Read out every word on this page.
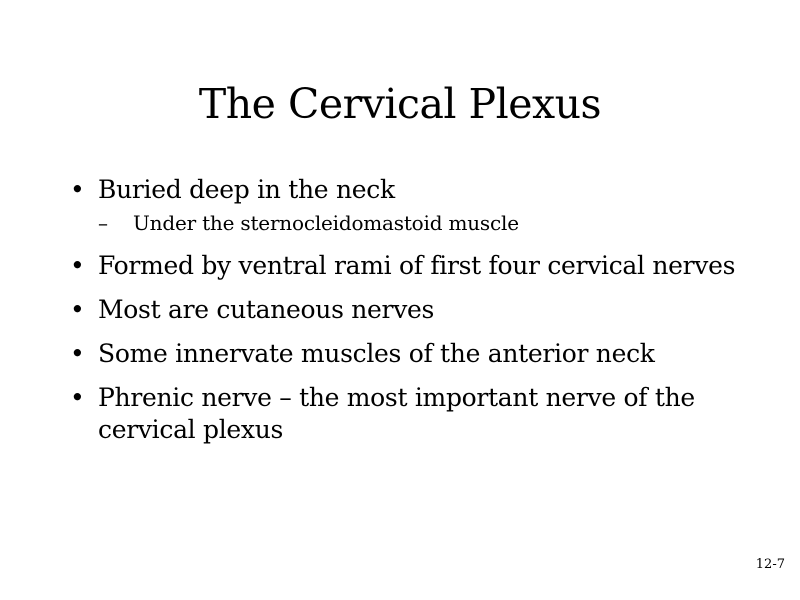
The Cervical Plexus
• Buried deep in the neck
– Under the sternocleidomastoid muscle
• Formed by ventral rami of first four cervical nerves
• Most are cutaneous nerves
• Some innervate muscles of the anterior neck
• Phrenic nerve – the most important nerve of the cervical plexus
12-7
